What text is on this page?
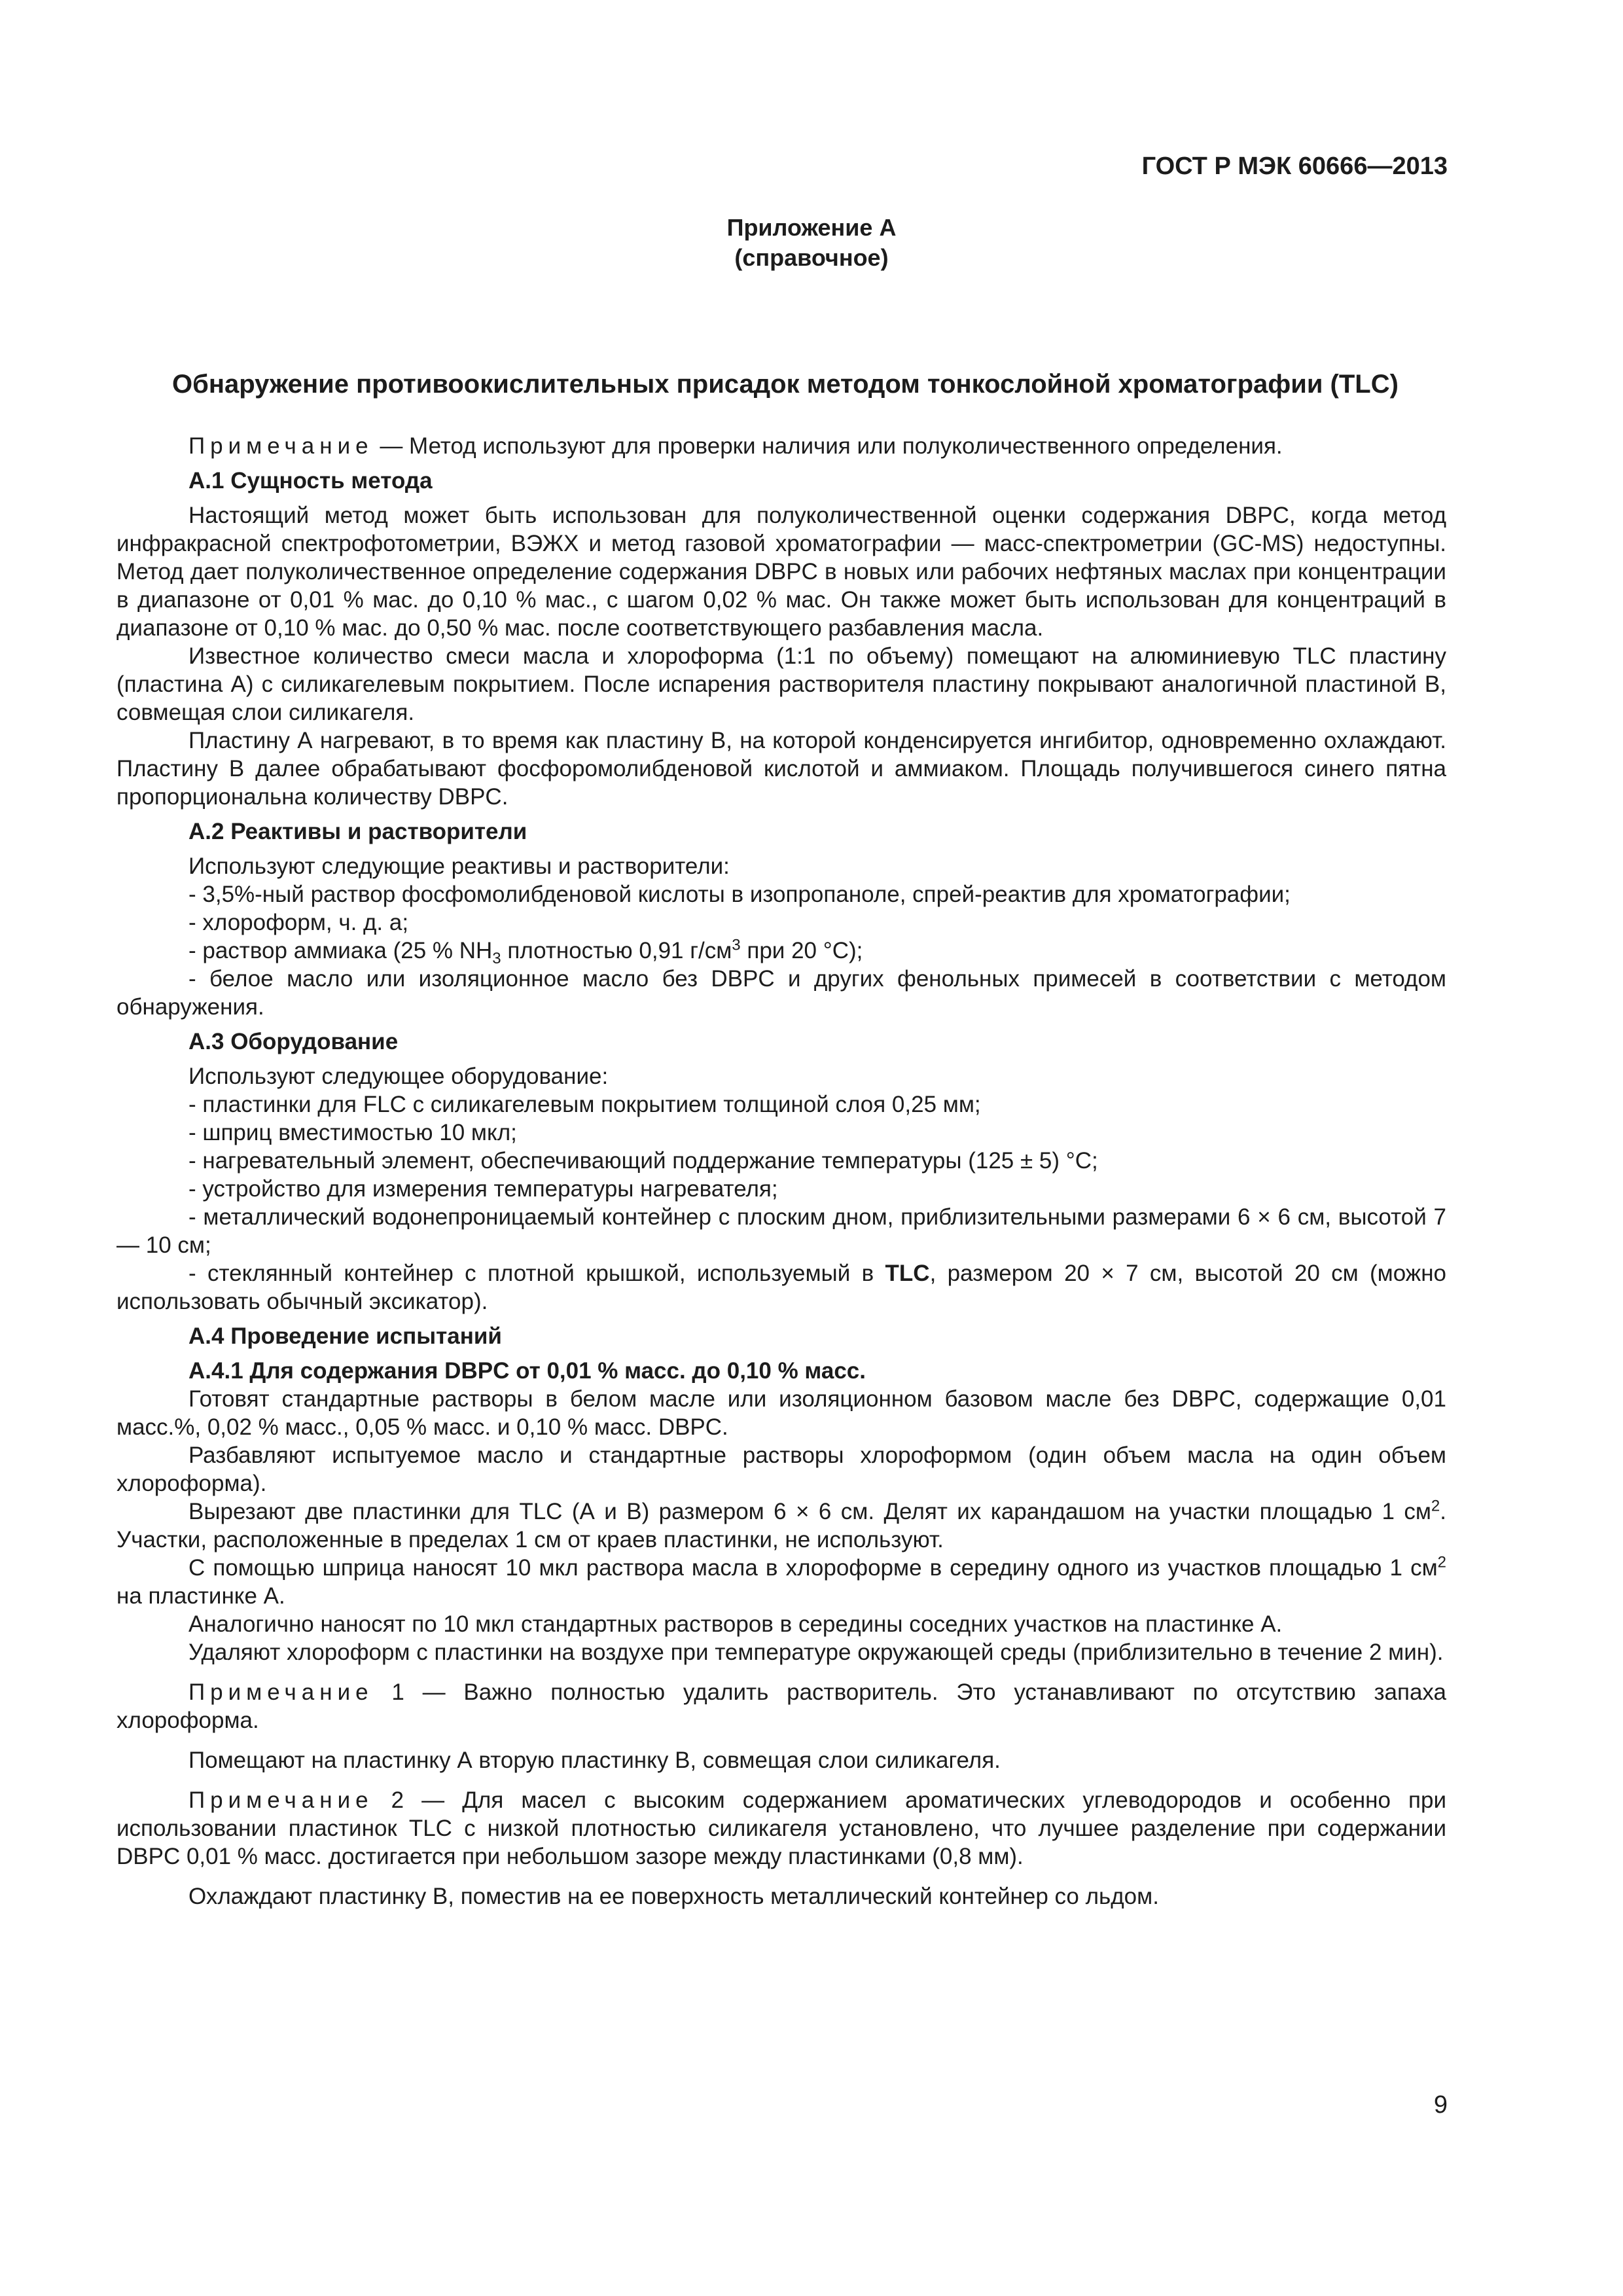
ГОСТ Р МЭК 60666—2013
Приложение А
(справочное)
Обнаружение противоокислительных присадок методом тонкослойной хроматографии (TLC)

Примечание — Метод используют для проверки наличия или полуколичественного определения.

А.1 Сущность метода

Настоящий метод может быть использован для полуколичественной оценки содержания DBPC, когда метод инфракрасной спектрофотометрии, ВЭЖХ и метод газовой хроматографии — масс-спектрометрии (GC-MS) недоступны. Метод дает полуколичественное определение содержания DBPC в новых или рабочих нефтяных маслах при концентрации в диапазоне от 0,01 % мас. до 0,10 % мас., с шагом 0,02 % мас. Он также может быть использован для концентраций в диапазоне от 0,10 % мас. до 0,50 % мас. после соответствующего разбавления масла.

Известное количество смеси масла и хлороформа (1:1 по объему) помещают на алюминиевую TLC пластину (пластина А) с силикагелевым покрытием. После испарения растворителя пластину покрывают аналогичной пластиной В, совмещая слои силикагеля.

Пластину А нагревают, в то время как пластину В, на которой конденсируется ингибитор, одновременно охлаждают. Пластину В далее обрабатывают фосфоромолибденовой кислотой и аммиаком. Площадь получившегося синего пятна пропорциональна количеству DBPC.

А.2 Реактивы и растворители

Используют следующие реактивы и растворители:

- 3,5%-ный раствор фосфомолибденовой кислоты в изопропаноле, спрей-реактив для хроматографии;

- хлороформ, ч. д. а;

- раствор аммиака (25 % $NH_3$ плотностью 0,91 $г/см^3$ при 20 °С);

- белое масло или изоляционное масло без DBPC и других фенольных примесей в соответствии с методом обнаружения.

А.3 Оборудование

Используют следующее оборудование:

- пластинки для FLC с силикагелевым покрытием толщиной слоя 0,25 мм;

- шприц вместимостью 10 мкл;

- нагревательный элемент, обеспечивающий поддержание температуры (125 ± 5) °С;

- устройство для измерения температуры нагревателя;

- металлический водонепроницаемый контейнер с плоским дном, приблизительными размерами 6 × 6 см, высотой 7 — 10 см;

- стеклянный контейнер с плотной крышкой, используемый в TLC, размером 20 × 7 см, высотой 20 см (можно использовать обычный эксикатор).

А.4 Проведение испытаний

А.4.1 Для содержания DBPC от 0,01 % масс. до 0,10 % масс.

Готовят стандартные растворы в белом масле или изоляционном базовом масле без DBPC, содержащие 0,01 масс.%, 0,02 % масс., 0,05 % масс. и 0,10 % масс. DBPC.

Разбавляют испытуемое масло и стандартные растворы хлороформом (один объем масла на один объем хлороформа).

Вырезают две пластинки для TLC (А и В) размером 6 × 6 см. Делят их карандашом на участки площадью 1 $см^2$. Участки, расположенные в пределах 1 см от краев пластинки, не используют.

С помощью шприца наносят 10 мкл раствора масла в хлороформе в середину одного из участков площадью 1 $см^2$ на пластинке А.

Аналогично наносят по 10 мкл стандартных растворов в середины соседних участков на пластинке А.

Удаляют хлороформ с пластинки на воздухе при температуре окружающей среды (приблизительно в течение 2 мин).

Примечание 1 — Важно полностью удалить растворитель. Это устанавливают по отсутствию запаха хлороформа.

Помещают на пластинку А вторую пластинку В, совмещая слои силикагеля.

Примечание 2 — Для масел с высоким содержанием ароматических углеводородов и особенно при использовании пластинок TLC с низкой плотностью силикагеля установлено, что лучшее разделение при содержании DBPC 0,01 % масс. достигается при небольшом зазоре между пластинками (0,8 мм).

Охлаждают пластинку В, поместив на ее поверхность металлический контейнер со льдом.

9
